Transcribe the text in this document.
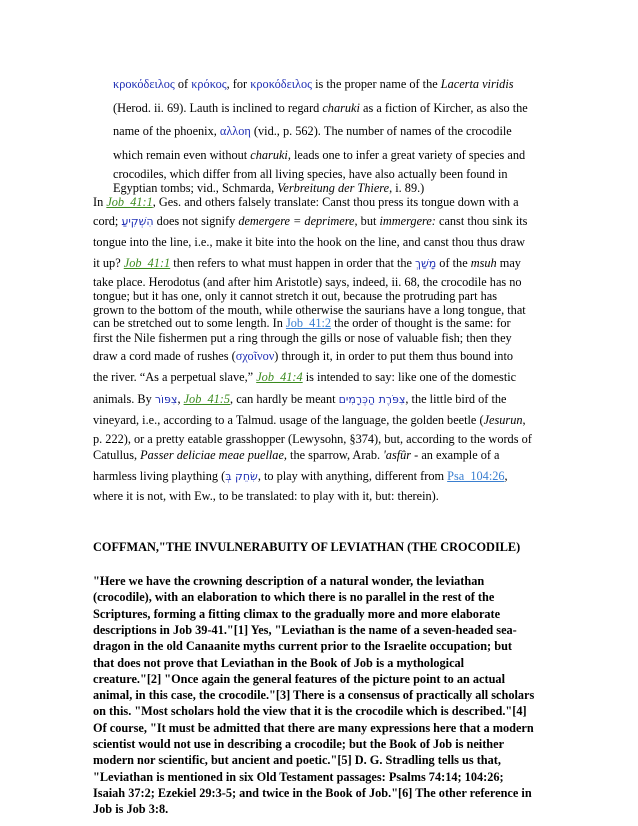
κροκόδειλος of κρόκος, for κροκόδειλος is the proper name of the Lacerta viridis
(Herod. ii. 69). Lauth is inclined to regard charuki as a fiction of Kircher, as also the
name of the phoenix, αλλοη (vid., p. 562). The number of names of the crocodile
which remain even without charuki, leads one to infer a great variety of species and
crocodiles, which differ from all living species, have also actually been found in
Egyptian tombs; vid., Schmarda, Verbreitung der Thiere, i. 89.)
In Job_41:1, Ges. and others falsely translate: Canst thou press its tongue down with a
cord; הִשְׁקִיעַ does not signify demergere = deprimere, but immergere: canst thou sink its
tongue into the line, i.e., make it bite into the hook on the line, and canst thou thus draw
it up? Job_41:1 then refers to what must happen in order that the מָשַׁךְ of the msuh may
take place. Herodotus (and after him Aristotle) says, indeed, ii. 68, the crocodile has no
tongue; but it has one, only it cannot stretch it out, because the protruding part has
grown to the bottom of the mouth, while otherwise the saurians have a long tongue, that
can be stretched out to some length. In Job_41:2 the order of thought is the same: for
first the Nile fishermen put a ring through the gills or nose of valuable fish; then they
draw a cord made of rushes (σχοῖνον) through it, in order to put them thus bound into
the river. “As a perpetual slave,” Job_41:4 is intended to say: like one of the domestic
animals. By צִפּוֹר, Job_41:5, can hardly be meant צִפֹּרֶת הַכְּרָמִים, the little bird of the
vineyard, i.e., according to a Talmud. usage of the language, the golden beetle (Jesurun,
p. 222), or a pretty eatable grasshopper (Lewysohn, §374), but, according to the words of
Catullus, Passer deliciae meae puellae, the sparrow, Arab. 'asfûr - an example of a
harmless living plaything (שִׂחֵק בְּ, to play with anything, different from Psa_104:26,
where it is not, with Ew., to be translated: to play with it, but: therein).
COFFMAN,"THE INVULNERABUITY OF LEVIATHAN (THE CROCODILE)
"Here we have the crowning description of a natural wonder, the leviathan
(crocodile), with an elaboration to which there is no parallel in the rest of the
Scriptures, forming a fitting climax to the gradually more and more elaborate
descriptions in Job 39-41."[1] Yes, "Leviathan is the name of a seven-headed sea-
dragon in the old Canaanite myths current prior to the Israelite occupation; but
that does not prove that Leviathan in the Book of Job is a mythological
creature."[2] "Once again the general features of the picture point to an actual
animal, in this case, the crocodile."[3] There is a consensus of practically all scholars
on this. "Most scholars hold the view that it is the crocodile which is described."[4]
Of course, "It must be admitted that there are many expressions here that a modern
scientist would not use in describing a crocodile; but the Book of Job is neither
modern nor scientific, but ancient and poetic."[5] D. G. Stradling tells us that,
"Leviathan is mentioned in six Old Testament passages: Psalms 74:14; 104:26;
Isaiah 37:2; Ezekiel 29:3-5; and twice in the Book of Job."[6] The other reference in
Job is Job 3:8.
